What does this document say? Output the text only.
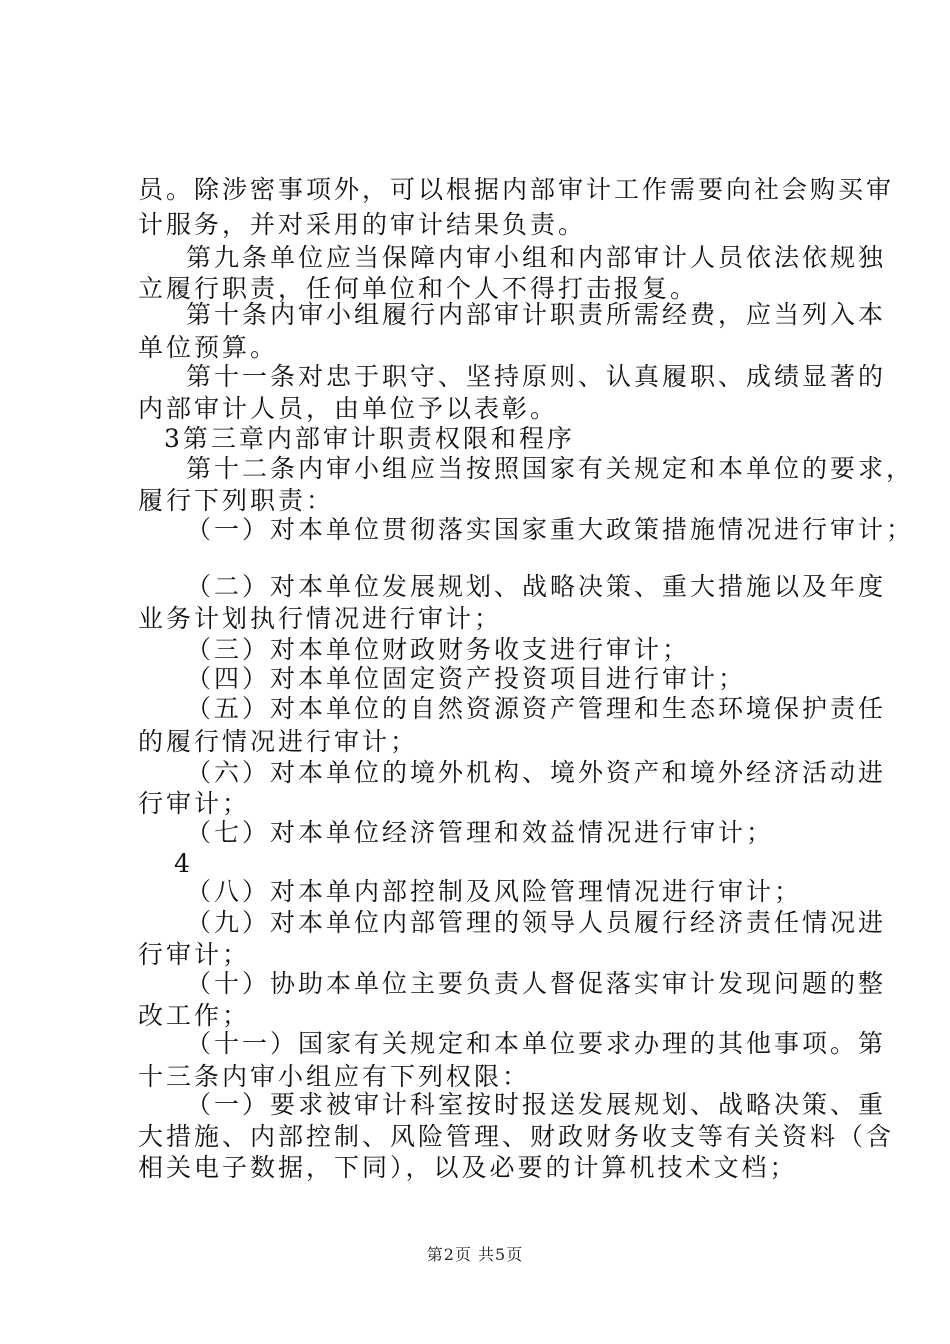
员。除涉密事项外，可以根据内部审计工作需要向社会购买审
计服务，并对采用的审计结果负责。
第九条单位应当保障内审小组和内部审计人员依法依规独
立履行职责，任何单位和个人不得打击报复。
第十条内审小组履行内部审计职责所需经费，应当列入本
单位预算。
第十一条对忠于职守、坚持原则、认真履职、成绩显著的
内部审计人员，由单位予以表彰。
3第三章内部审计职责权限和程序
第十二条内审小组应当按照国家有关规定和本单位的要求，
履行下列职责：
（一）对本单位贯彻落实国家重大政策措施情况进行审计；
（二）对本单位发展规划、战略决策、重大措施以及年度
业务计划执行情况进行审计；
（三）对本单位财政财务收支进行审计；
（四）对本单位固定资产投资项目进行审计；
（五）对本单位的自然资源资产管理和生态环境保护责任
的履行情况进行审计；
（六）对本单位的境外机构、境外资产和境外经济活动进
行审计；
（七）对本单位经济管理和效益情况进行审计；
4
（八）对本单内部控制及风险管理情况进行审计；
（九）对本单位内部管理的领导人员履行经济责任情况进
行审计；
（十）协助本单位主要负责人督促落实审计发现问题的整
改工作；
（十一）国家有关规定和本单位要求办理的其他事项。第
十三条内审小组应有下列权限：
（一）要求被审计科室按时报送发展规划、战略决策、重
大措施、内部控制、风险管理、财政财务收支等有关资料（含
相关电子数据，下同），以及必要的计算机技术文档；
第2页 共5页
